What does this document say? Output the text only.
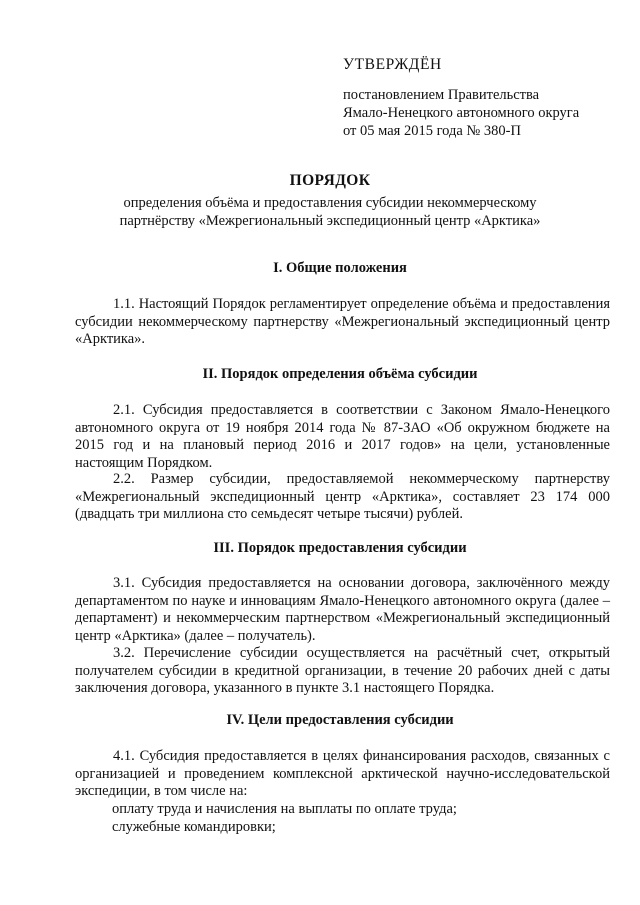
УТВЕРЖДЁН

постановлением Правительства

Ямало-Ненецкого автономного округа

от 05 мая 2015 года № 380-П

ПОРЯДОК

определения объёма и предоставления субсидии некоммерческому

партнёрству «Межрегиональный экспедиционный центр «Арктика»

I. Общие положения

1.1. Настоящий Порядок регламентирует определение объёма и предоставления субсидии некоммерческому партнерству «Межрегиональный экспедиционный центр «Арктика».

II. Порядок определения объёма субсидии

2.1. Субсидия предоставляется в соответствии с Законом Ямало-Ненецкого автономного округа от 19 ноября 2014 года № 87-ЗАО «Об окружном бюджете на 2015 год и на плановый период 2016 и 2017 годов» на цели, установленные настоящим Порядком.

2.2. Размер субсидии, предоставляемой некоммерческому партнерству «Межрегиональный экспедиционный центр «Арктика», составляет 23 174 000 (двадцать три миллиона сто семьдесят четыре тысячи) рублей.

III. Порядок предоставления субсидии

3.1. Субсидия предоставляется на основании договора, заключённого между департаментом по науке и инновациям Ямало-Ненецкого автономного округа (далее – департамент) и некоммерческим партнерством «Межрегиональный экспедиционный центр «Арктика» (далее – получатель).

3.2. Перечисление субсидии осуществляется на расчётный счет, открытый получателем субсидии в кредитной организации, в течение 20 рабочих дней с даты заключения договора, указанного в пункте 3.1 настоящего Порядка.

IV. Цели предоставления субсидии

4.1. Субсидия предоставляется в целях финансирования расходов, связанных с организацией и проведением комплексной арктической научно-исследовательской экспедиции, в том числе на:

оплату труда и начисления на выплаты по оплате труда;

служебные командировки;
